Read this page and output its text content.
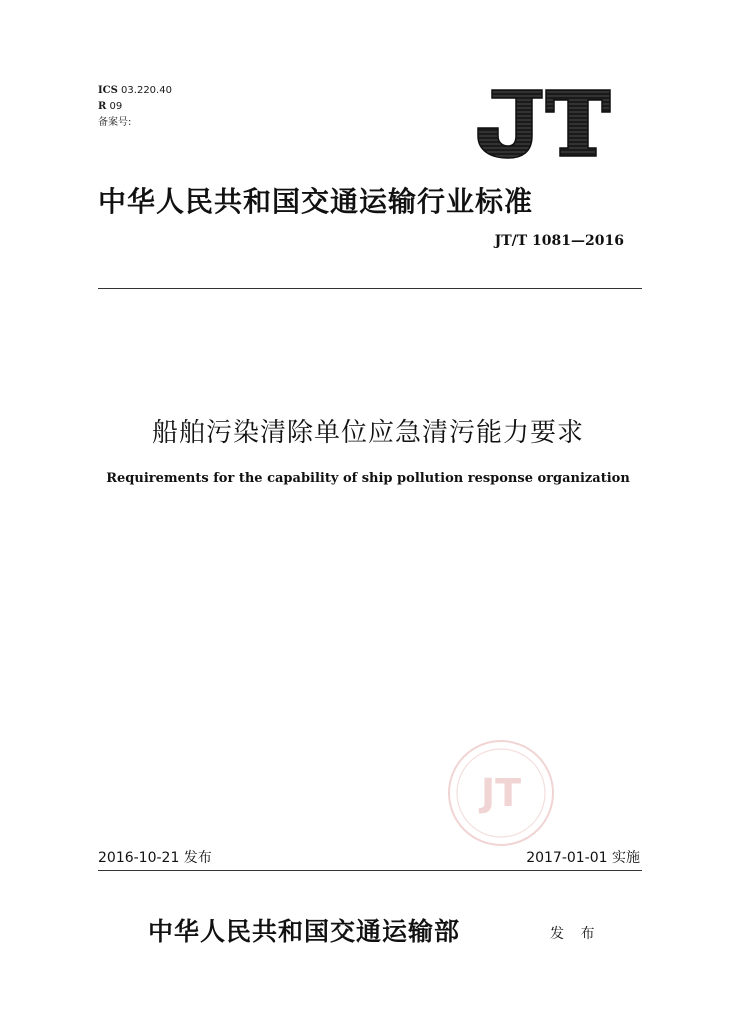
ICS 03.220.40
R 09
备案号:
中华人民共和国交通运输行业标准
JT/T 1081—2016
船舶污染清除单位应急清污能力要求
Requirements for the capability of ship pollution response organization
JT
2016-10-21 发布	2017-01-01 实施
中华人民共和国交通运输部	发 布
